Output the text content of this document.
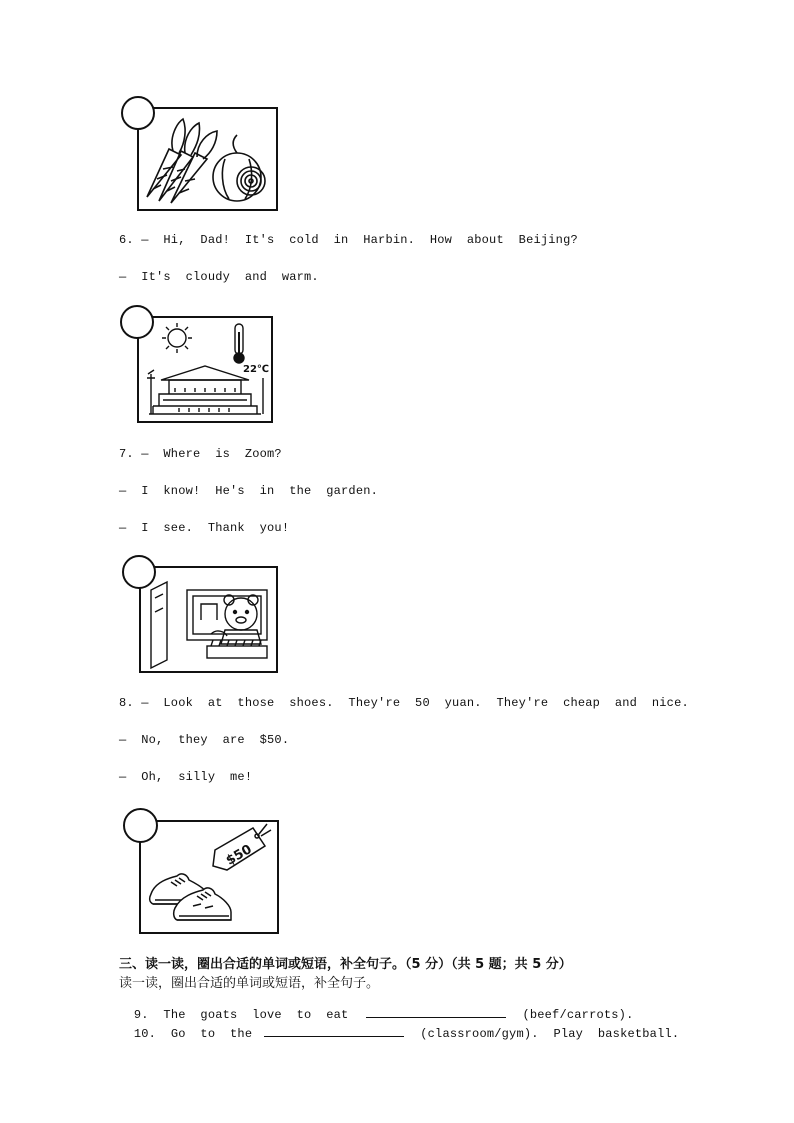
6. —  Hi,  Dad!  It's  cold  in  Harbin.  How  about  Beijing?
—  It's  cloudy  and  warm.
22℃
7. —  Where  is  Zoom?
—  I  know!  He's  in  the  garden.
—  I  see.  Thank  you!
8. —  Look  at  those  shoes.  They're  50  yuan.  They're  cheap  and  nice.
—  No,  they  are  $50.
—  Oh,  silly  me!
$50
三、读一读，圈出合适的单词或短语，补全句子。（5 分）（共 5 题；共 5 分）
读一读，圈出合适的单词或短语，补全句子。

9.  The  goats  love  to  eat	(beef/carrots).

10.  Go  to  the	(classroom/gym).  Play  basketball.
